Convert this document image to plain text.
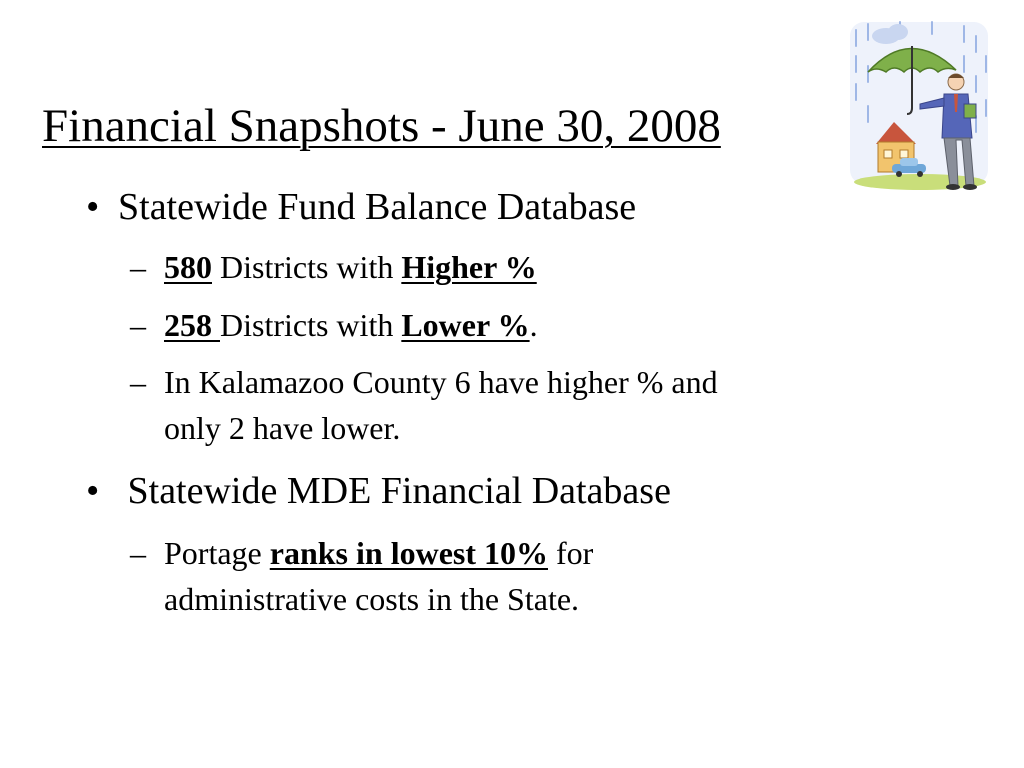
Financial Snapshots - June 30, 2008
• Statewide Fund Balance Database
– 580 Districts with Higher %
– 258 Districts with Lower %.
– In Kalamazoo County 6 have higher % and
only 2 have lower.
• Statewide MDE Financial Database
– Portage ranks in lowest 10% for
administrative costs in the State.
